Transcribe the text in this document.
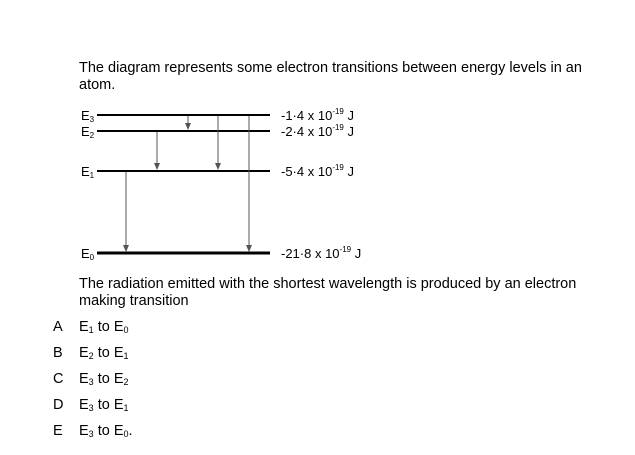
The diagram represents some electron transitions between energy levels in an atom.
E3	-1·4 x $10^{-19}$ J
E2	-2·4 x $10^{-19}$ J
E1	-5·4 x $10^{-19}$ J
E0	-21·8 x $10^{-19}$ J
The radiation emitted with the shortest wavelength is produced by an electron making transition
A	$E_1$ to $E_0$
B	$E_2$ to $E_1$
C	$E_3$ to $E_2$
D	$E_3$ to $E_1$
E	$E_3$ to $E_0$.
